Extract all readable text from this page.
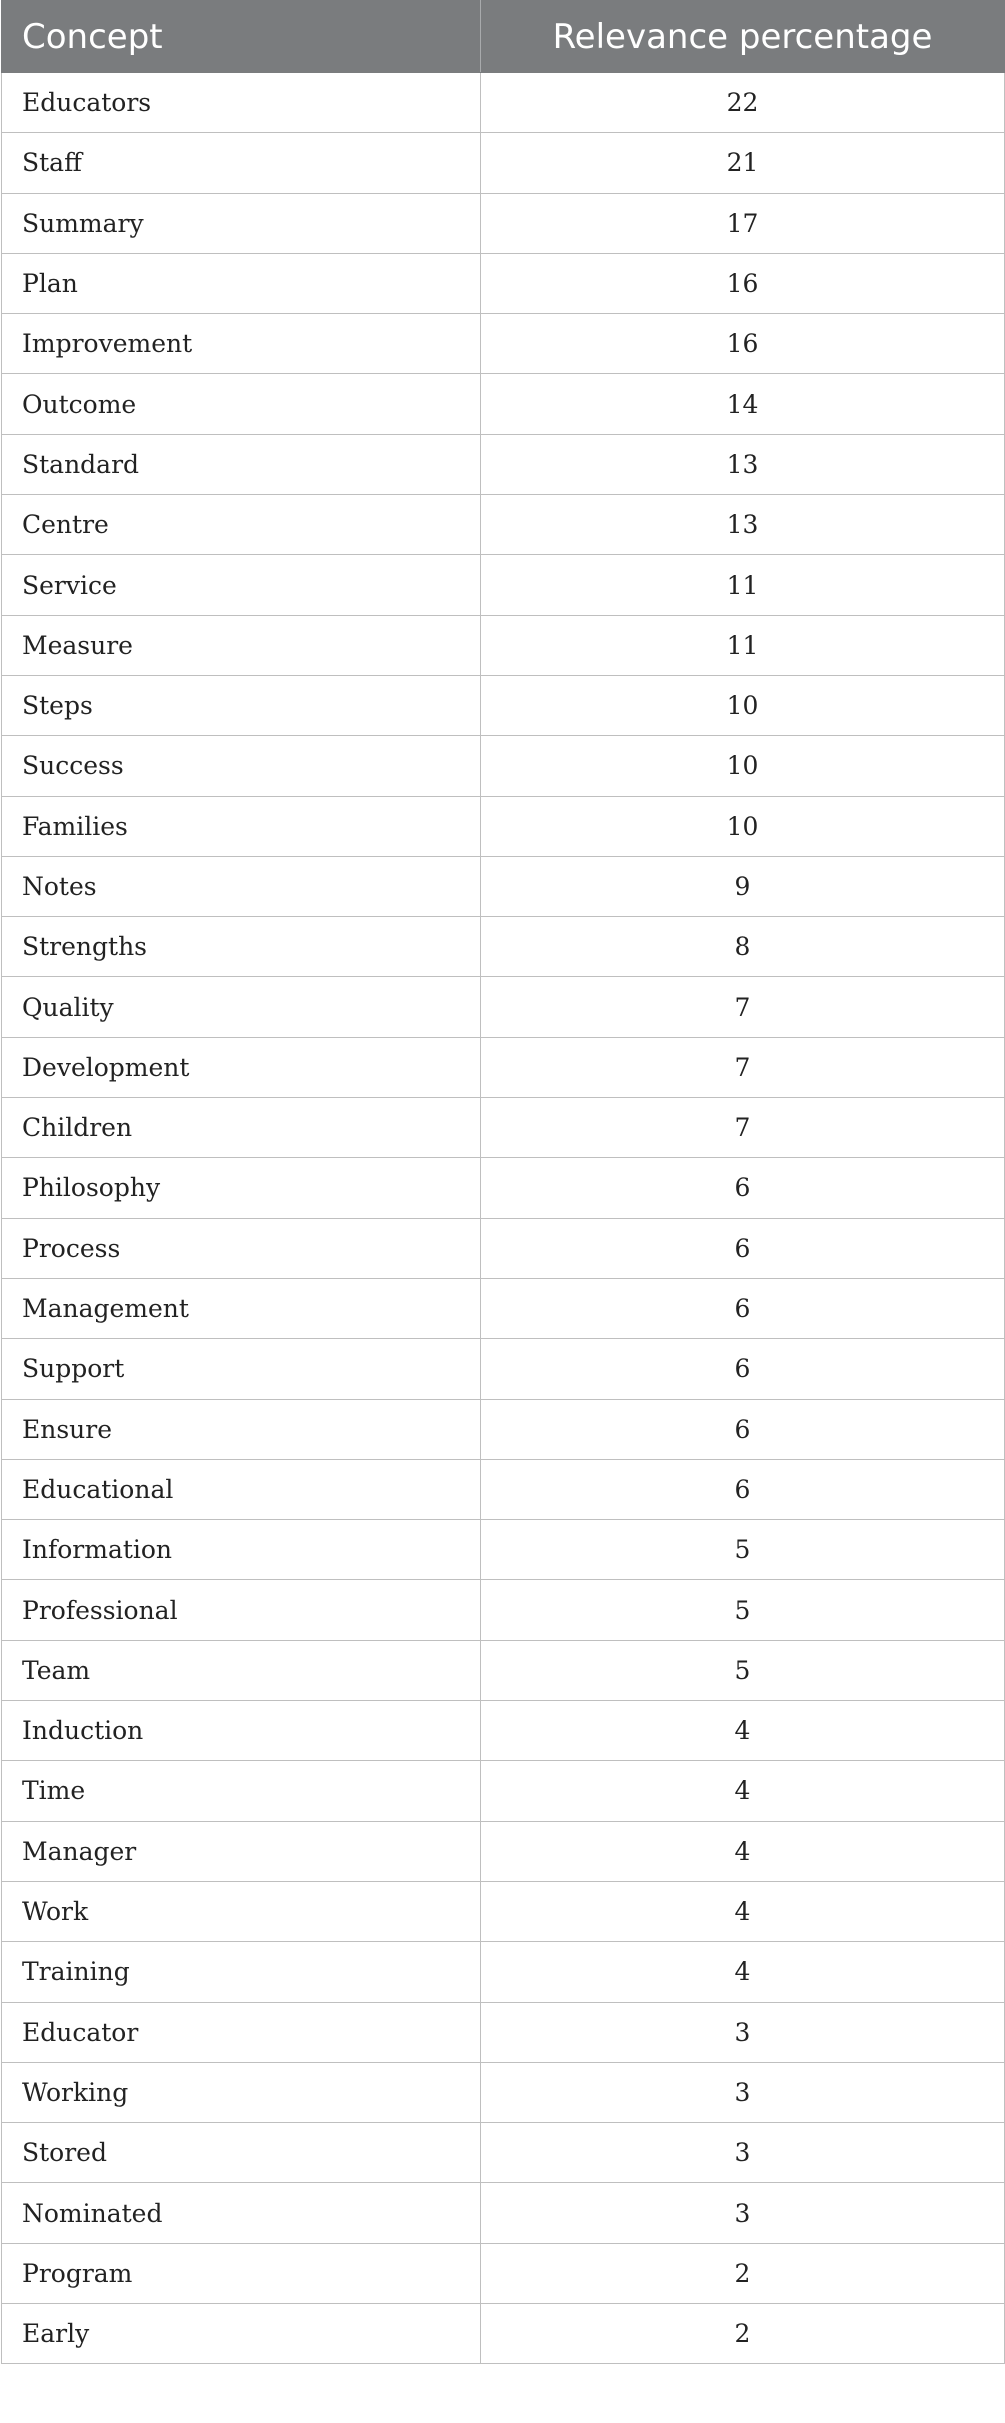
Concept	Relevance percentage
Educators	22
Staff	21
Summary	17
Plan	16
Improvement	16
Outcome	14
Standard	13
Centre	13
Service	11
Measure	11
Steps	10
Success	10
Families	10
Notes	9
Strengths	8
Quality	7
Development	7
Children	7
Philosophy	6
Process	6
Management	6
Support	6
Ensure	6
Educational	6
Information	5
Professional	5
Team	5
Induction	4
Time	4
Manager	4
Work	4
Training	4
Educator	3
Working	3
Stored	3
Nominated	3
Program	2
Early	2
